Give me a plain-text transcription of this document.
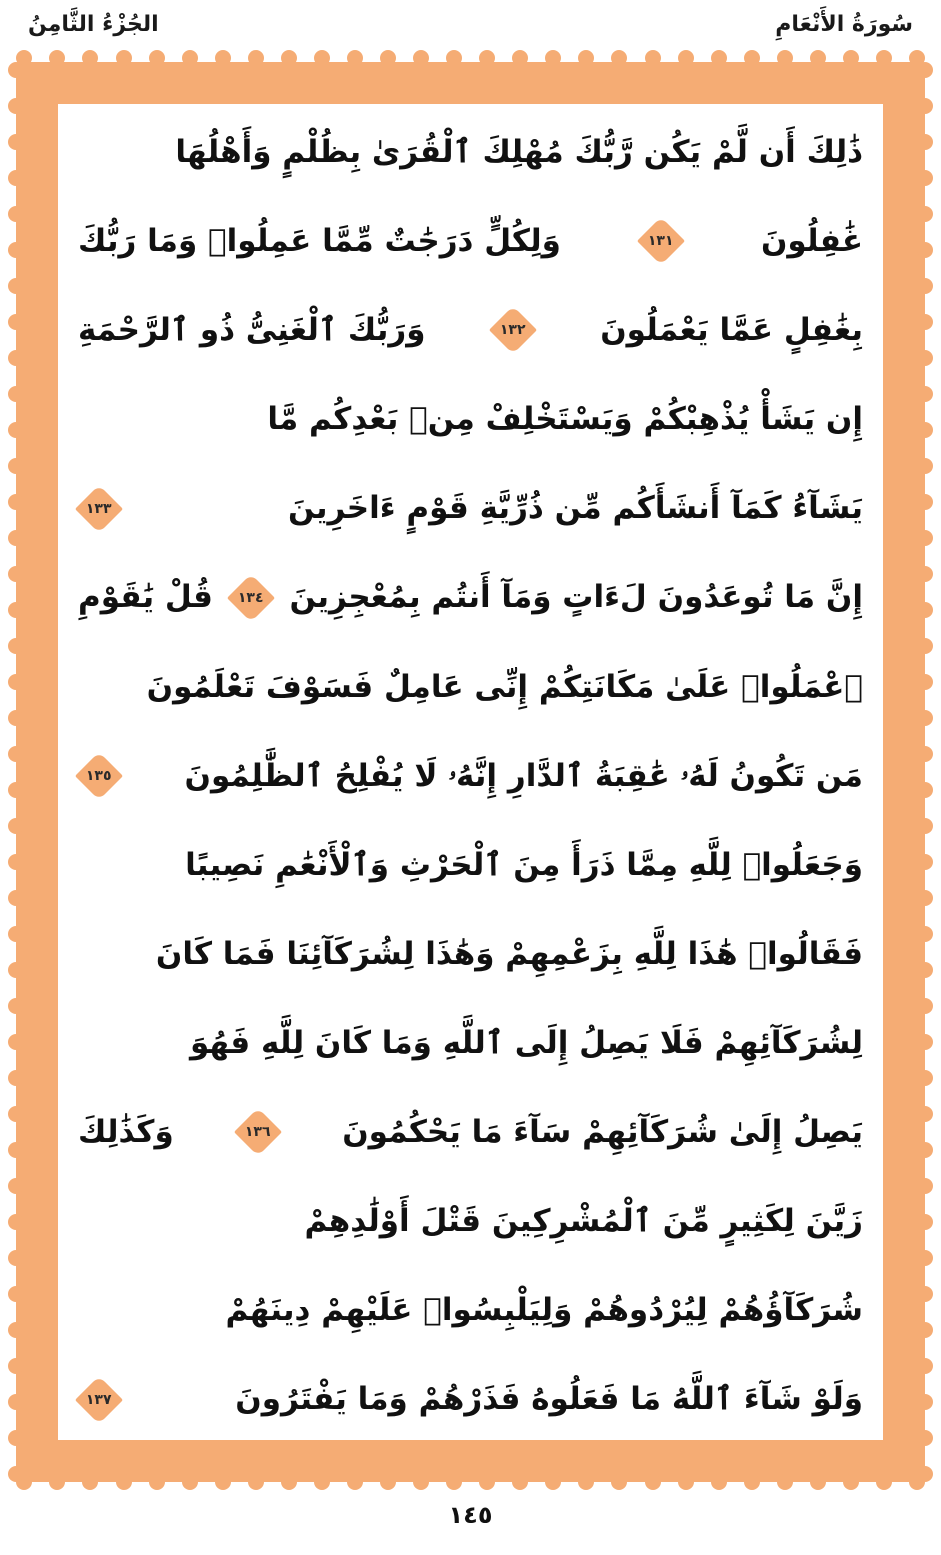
الجُزْءُ الثَّامِنُ	سُورَةُ الأَنْعَامِ
ذَٰلِكَ أَن لَّمْ يَكُن رَّبُّكَ مُهْلِكَ ٱلْقُرَىٰ بِظُلْمٍ وَأَهْلُهَا
غَٰفِلُونَ
١٣١
وَلِكُلٍّ دَرَجَٰتٌ مِّمَّا عَمِلُوا۟ وَمَا رَبُّكَ
بِغَٰفِلٍ عَمَّا يَعْمَلُونَ
١٣٢
وَرَبُّكَ ٱلْغَنِىُّ ذُو ٱلرَّحْمَةِ
إِن يَشَأْ يُذْهِبْكُمْ وَيَسْتَخْلِفْ مِنۢ بَعْدِكُم مَّا
يَشَآءُ كَمَآ أَنشَأَكُم مِّن ذُرِّيَّةِ قَوْمٍ ءَاخَرِينَ
١٣٣
إِنَّ مَا تُوعَدُونَ لَءَاتٍ وَمَآ أَنتُم بِمُعْجِزِينَ
١٣٤
قُلْ يَٰقَوْمِ
ٱعْمَلُوا۟ عَلَىٰ مَكَانَتِكُمْ إِنِّى عَامِلٌ فَسَوْفَ تَعْلَمُونَ
مَن تَكُونُ لَهُۥ عَٰقِبَةُ ٱلدَّارِ إِنَّهُۥ لَا يُفْلِحُ ٱلظَّٰلِمُونَ
١٣٥
وَجَعَلُوا۟ لِلَّهِ مِمَّا ذَرَأَ مِنَ ٱلْحَرْثِ وَٱلْأَنْعَٰمِ نَصِيبًا
فَقَالُوا۟ هَٰذَا لِلَّهِ بِزَعْمِهِمْ وَهَٰذَا لِشُرَكَآئِنَا فَمَا كَانَ
لِشُرَكَآئِهِمْ فَلَا يَصِلُ إِلَى ٱللَّهِ وَمَا كَانَ لِلَّهِ فَهُوَ
يَصِلُ إِلَىٰ شُرَكَآئِهِمْ سَآءَ مَا يَحْكُمُونَ
١٣٦
وَكَذَٰلِكَ
زَيَّنَ لِكَثِيرٍ مِّنَ ٱلْمُشْرِكِينَ قَتْلَ أَوْلَٰدِهِمْ
شُرَكَآؤُهُمْ لِيُرْدُوهُمْ وَلِيَلْبِسُوا۟ عَلَيْهِمْ دِينَهُمْ
وَلَوْ شَآءَ ٱللَّهُ مَا فَعَلُوهُ فَذَرْهُمْ وَمَا يَفْتَرُونَ
١٣٧
١٤٥
